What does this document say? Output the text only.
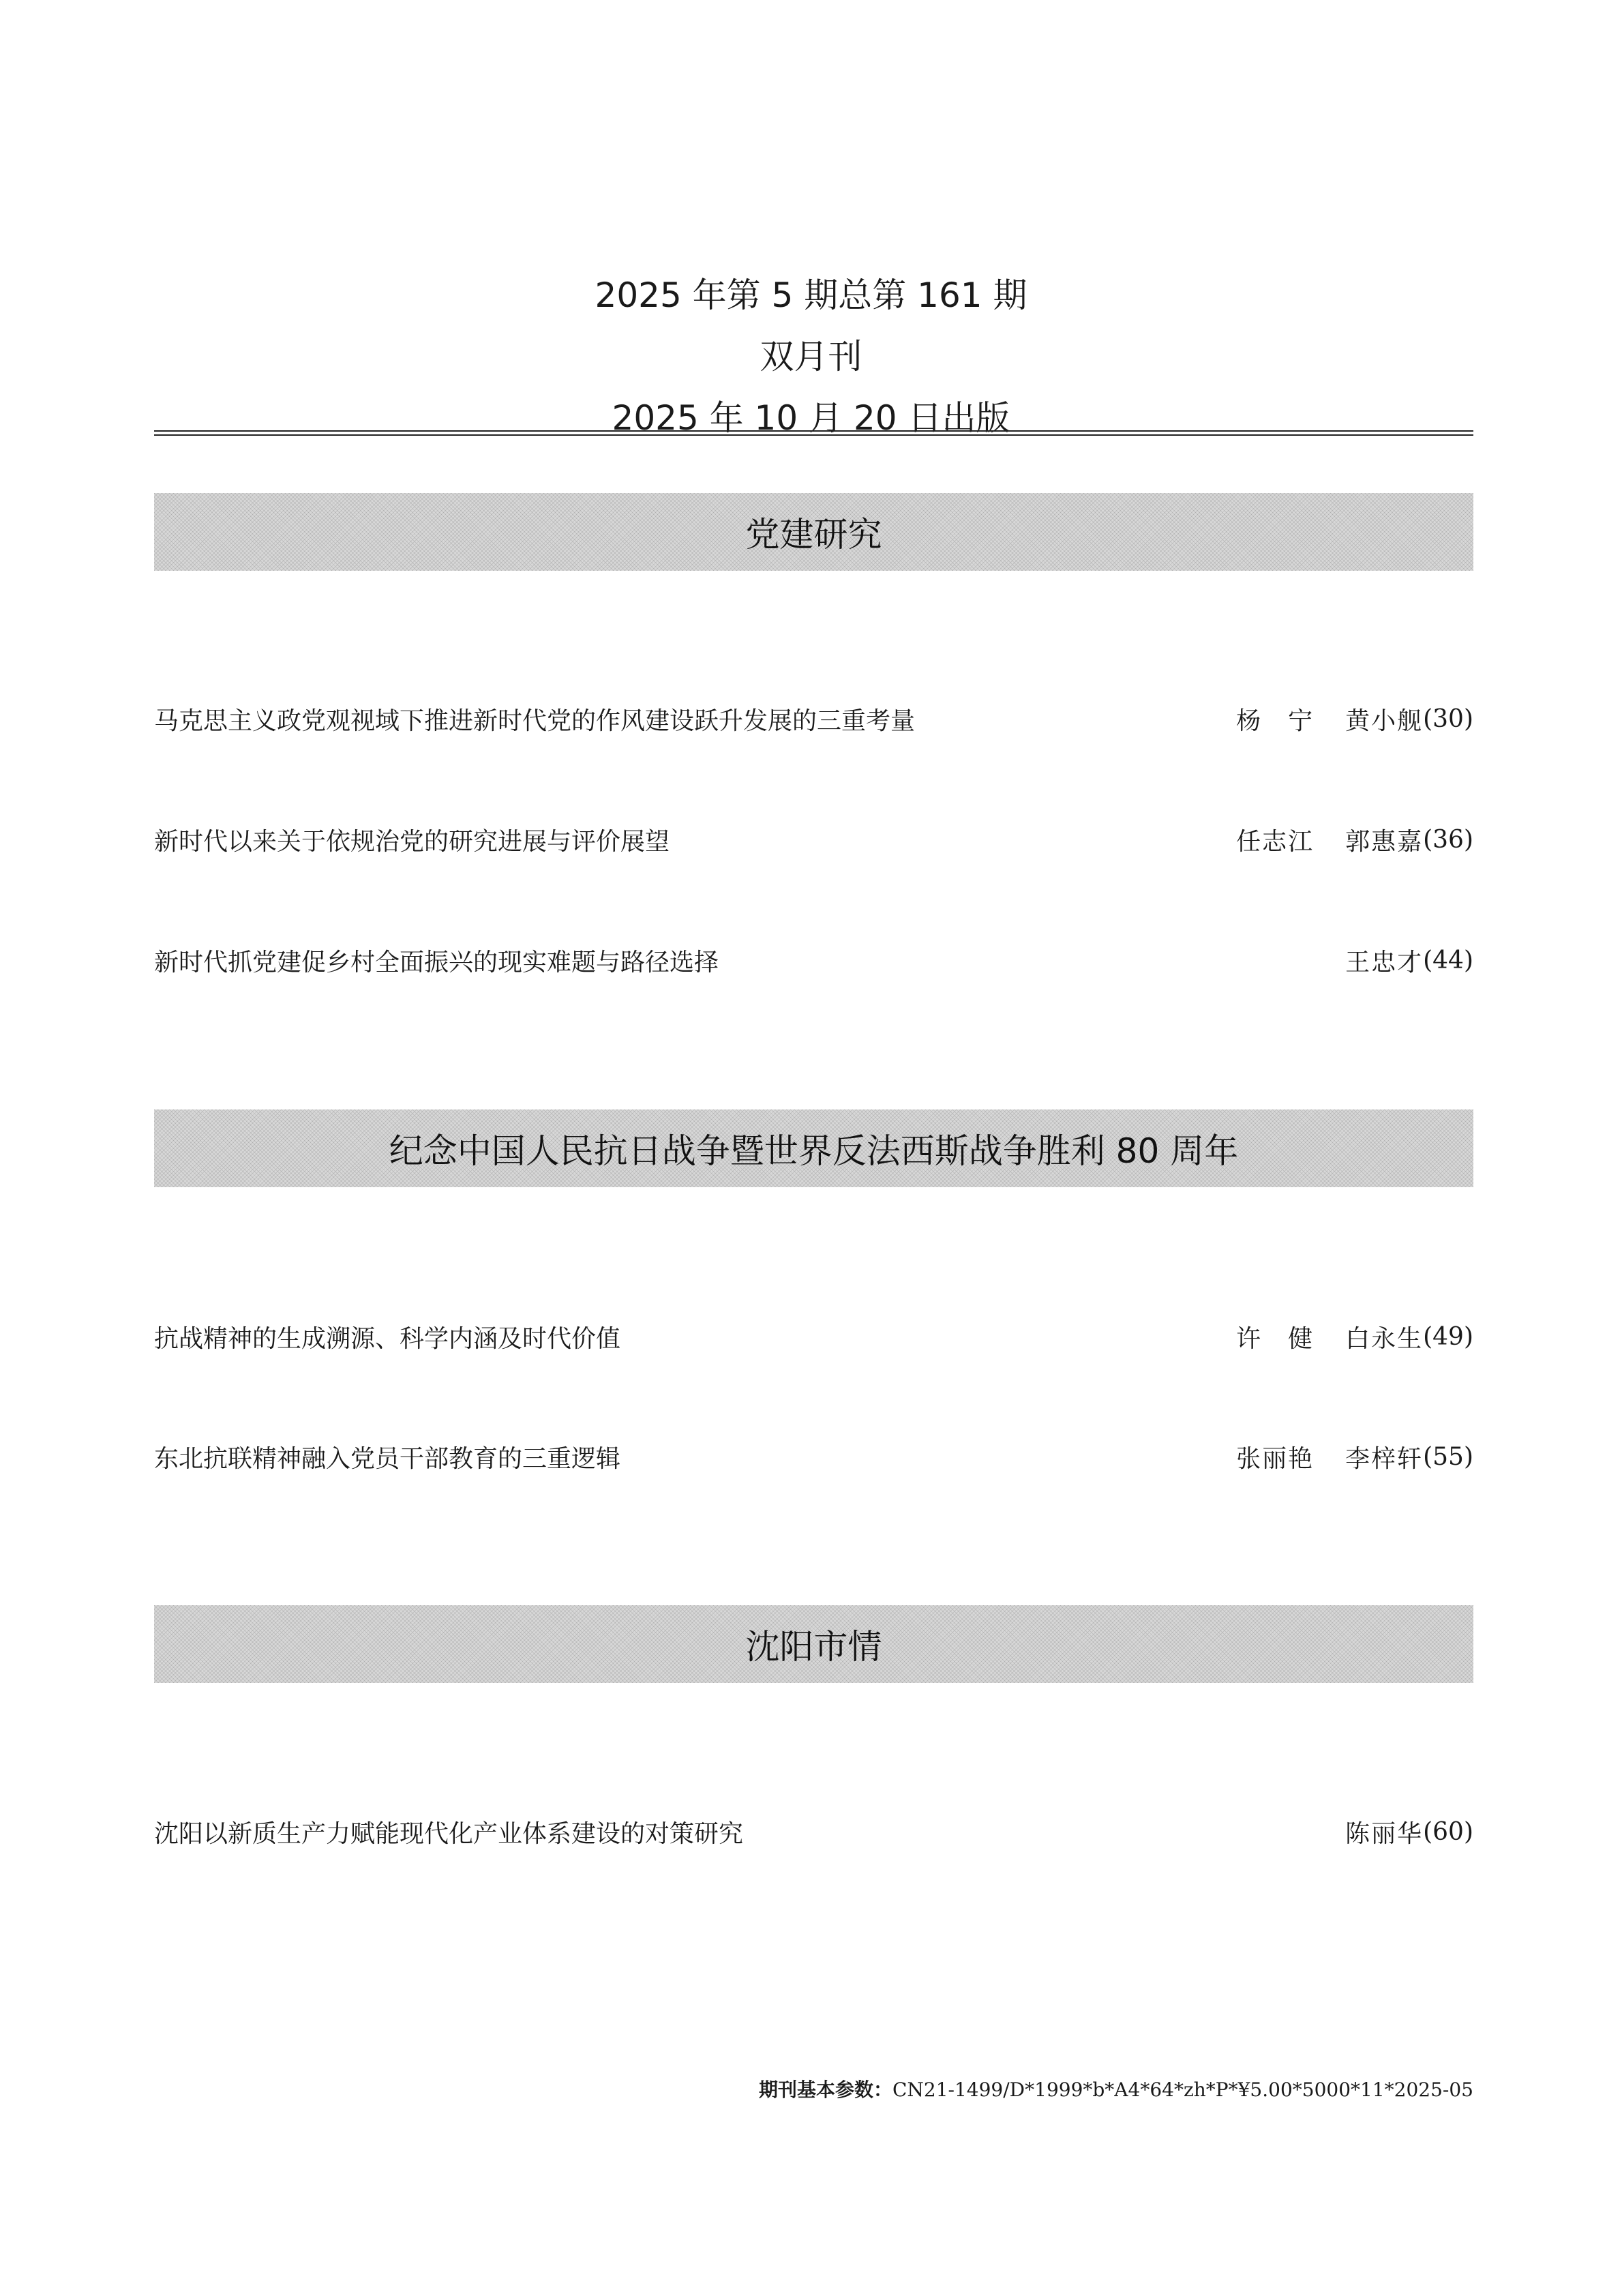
2025 年第 5 期总第 161 期
双月刊
2025 年 10 月 20 日出版
党建研究
马克思主义政党观视域下推进新时代党的作风建设跃升发展的三重考量	杨　宁 黄小舰 (30)
新时代以来关于依规治党的研究进展与评价展望	任志江 郭惠嘉 (36)
新时代抓党建促乡村全面振兴的现实难题与路径选择	王忠才 (44)
纪念中国人民抗日战争暨世界反法西斯战争胜利 80 周年
抗战精神的生成溯源、科学内涵及时代价值	许　健 白永生 (49)
东北抗联精神融入党员干部教育的三重逻辑	张丽艳 李梓轩 (55)
沈阳市情
沈阳以新质生产力赋能现代化产业体系建设的对策研究	陈丽华 (60)
期刊基本参数：CN21-1499/D*1999*b*A4*64*zh*P*¥5.00*5000*11*2025-05
